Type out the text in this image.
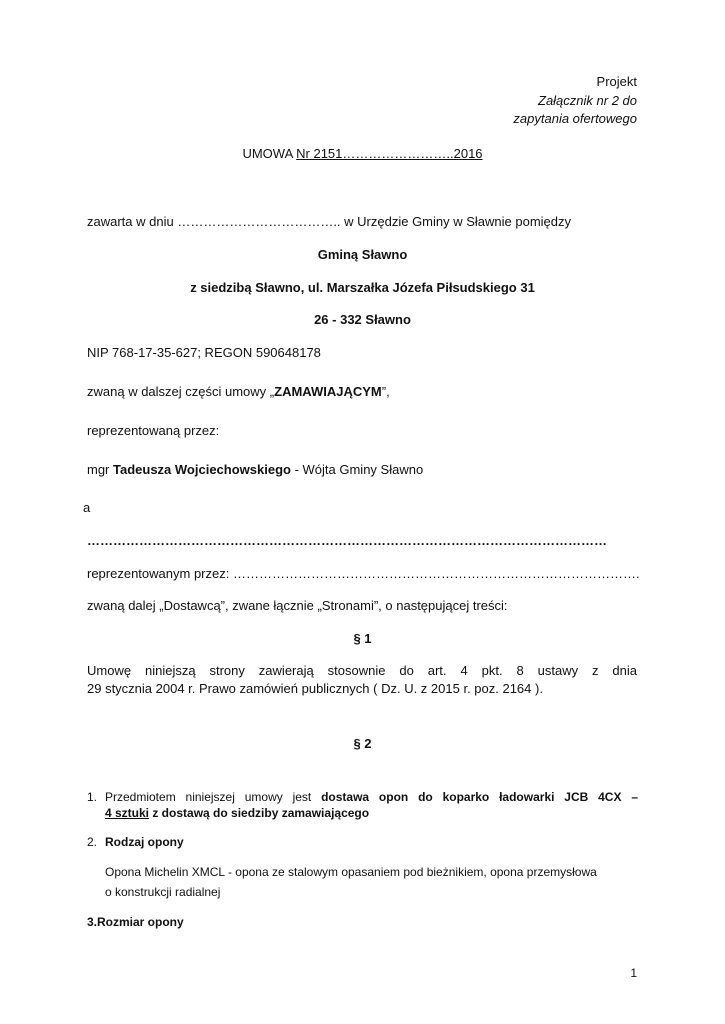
Projekt
Załącznik nr 2 do
zapytania ofertowego
UMOWA Nr 2151……………………..2016
zawarta w dniu ……………………………….. w Urzędzie Gminy w Sławnie pomiędzy
Gminą Sławno
z siedzibą Sławno, ul. Marszałka Józefa Piłsudskiego 31
26 - 332 Sławno
NIP 768-17-35-627; REGON 590648178
zwaną w dalszej części umowy „ZAMAWIAJĄCYM”,
reprezentowaną przez:
mgr Tadeusza Wojciechowskiego - Wójta Gminy Sławno
a
…………………………………………………………………………………………………………
reprezentowanym przez: ………………………………………………………………………………….
zwaną dalej „Dostawcą”, zwane łącznie „Stronami”, o następującej treści:
§ 1
Umowę niniejszą strony zawierają stosownie do art. 4 pkt. 8 ustawy z dnia
29 stycznia 2004 r. Prawo zamówień publicznych ( Dz. U. z 2015 r. poz. 2164 ).
§ 2
1. Przedmiotem niniejszej umowy jest dostawa opon do koparko ładowarki JCB 4CX –
4 sztuki z dostawą do siedziby zamawiającego
2. Rodzaj opony
Opona Michelin XMCL - opona ze stalowym opasaniem pod bieżnikiem, opona przemysłowa
o konstrukcji radialnej
3.Rozmiar opony
1
